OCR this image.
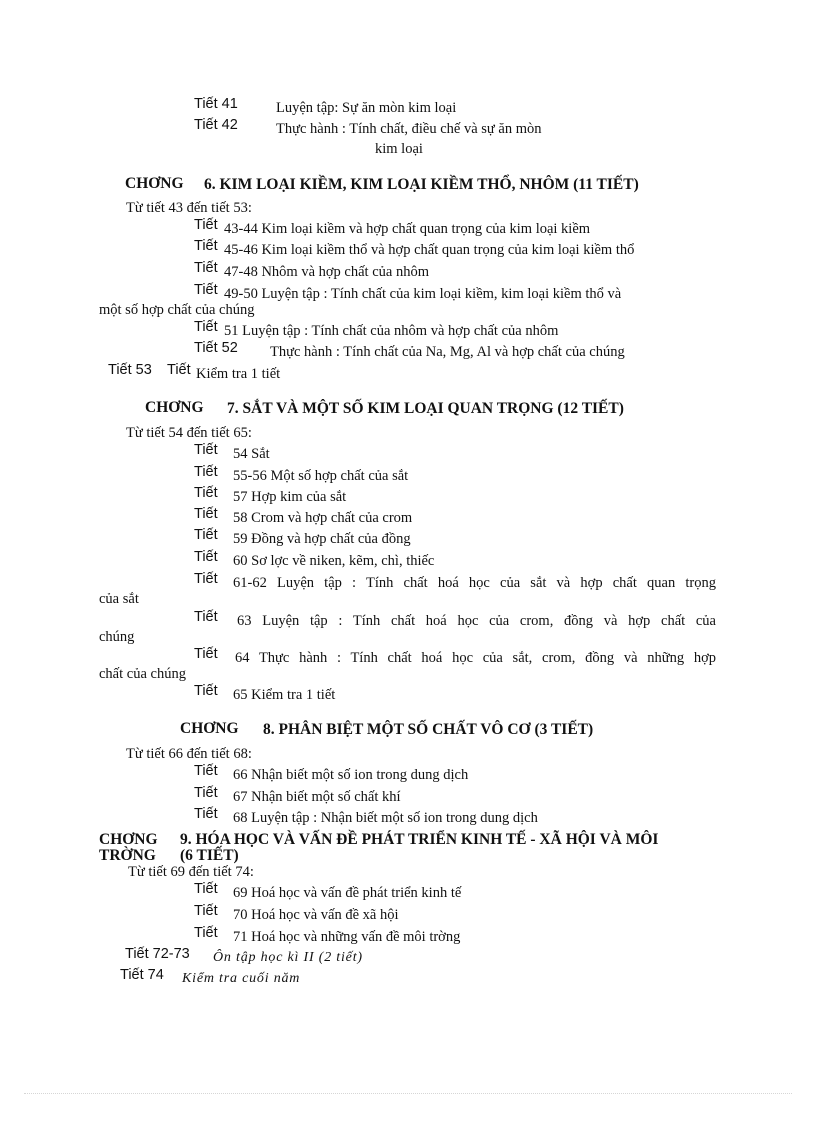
Tiết 41	Luyện tập: Sự ăn mòn kim loại
Tiết 42	Thực hành : Tính chất, điều chế và sự ăn mòn
kim loại
CHƠNG 6. KIM LOẠI KIỀM, KIM LOẠI KIỀM THỔ, NHÔM (11 TIẾT)
Từ tiết 43 đến tiết 53:
Tiết 43-44 Kim loại kiềm và hợp chất quan trọng của kim loại kiềm
Tiết 45-46 Kim loại kiềm thổ và hợp chất quan trọng của kim loại kiềm thổ
Tiết 47-48 Nhôm và hợp chất của nhôm
Tiết 49-50 Luyện tập : Tính chất của kim loại kiềm, kim loại kiềm thổ và
một số hợp chất của chúng
Tiết 51 Luyện tập : Tính chất của nhôm và hợp chất của nhôm
Tiết 52 Thực hành : Tính chất của Na, Mg, Al và hợp chất của chúng
Tiết 53 Tiết Kiểm tra 1 tiết
CHƠNG 7. SẮT VÀ MỘT SỐ KIM LOẠI QUAN TRỌNG (12 TIẾT)
Từ tiết 54 đến tiết 65:
Tiết 54 Sắt
Tiết 55-56 Một số hợp chất của sắt
Tiết 57 Hợp kim của sắt
Tiết 58 Crom và hợp chất của crom
Tiết 59 Đồng và hợp chất của đồng
Tiết 60 Sơ lợc về niken, kẽm, chì, thiếc
Tiết 61-62 Luyện tập : Tính chất hoá học của sắt và hợp chất quan trọng
của sắt
Tiết 63 Luyện tập : Tính chất hoá học của crom, đồng và hợp chất của
chúng
Tiết 64 Thực hành : Tính chất hoá học của sắt, crom, đồng và những hợp
chất của chúng
Tiết 65 Kiểm tra 1 tiết
CHƠNG 8. PHÂN BIỆT MỘT SỐ CHẤT VÔ CƠ (3 TIẾT)
Từ tiết 66 đến tiết 68:
Tiết 66 Nhận biết một số ion trong dung dịch
Tiết 67 Nhận biết một số chất khí
Tiết 68 Luyện tập : Nhận biết một số ion trong dung dịch
CHƠNG 9. HÓA HỌC VÀ VẤN ĐỀ PHÁT TRIỂN KINH TẾ - XÃ HỘI VÀ MÔI
TRỜNG (6 TIẾT)
Từ tiết 69 đến tiết 74:
Tiết 69 Hoá học và vấn đề phát triển kinh tế
Tiết 70 Hoá học và vấn đề xã hội
Tiết 71 Hoá học và những vấn đề môi trờng
Tiết 72-73 Ôn tập học kì II (2 tiết)
Tiết 74 Kiểm tra cuối năm
